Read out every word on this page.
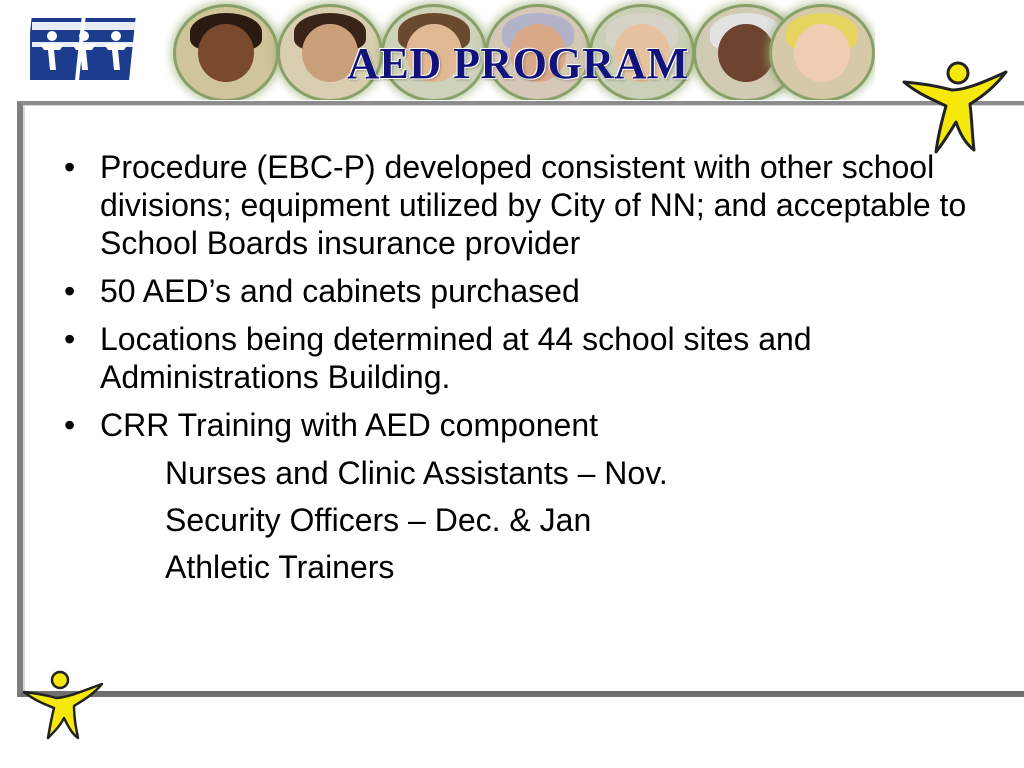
AED PROGRAM
• Procedure (EBC-P) developed consistent with other school divisions; equipment utilized by City of NN; and acceptable to School Boards insurance provider
• 50 AED’s and cabinets purchased
• Locations being determined at 44 school sites and Administrations Building.
• CRR Training with AED component
Nurses and Clinic Assistants – Nov.
Security Officers – Dec. & Jan
Athletic Trainers
